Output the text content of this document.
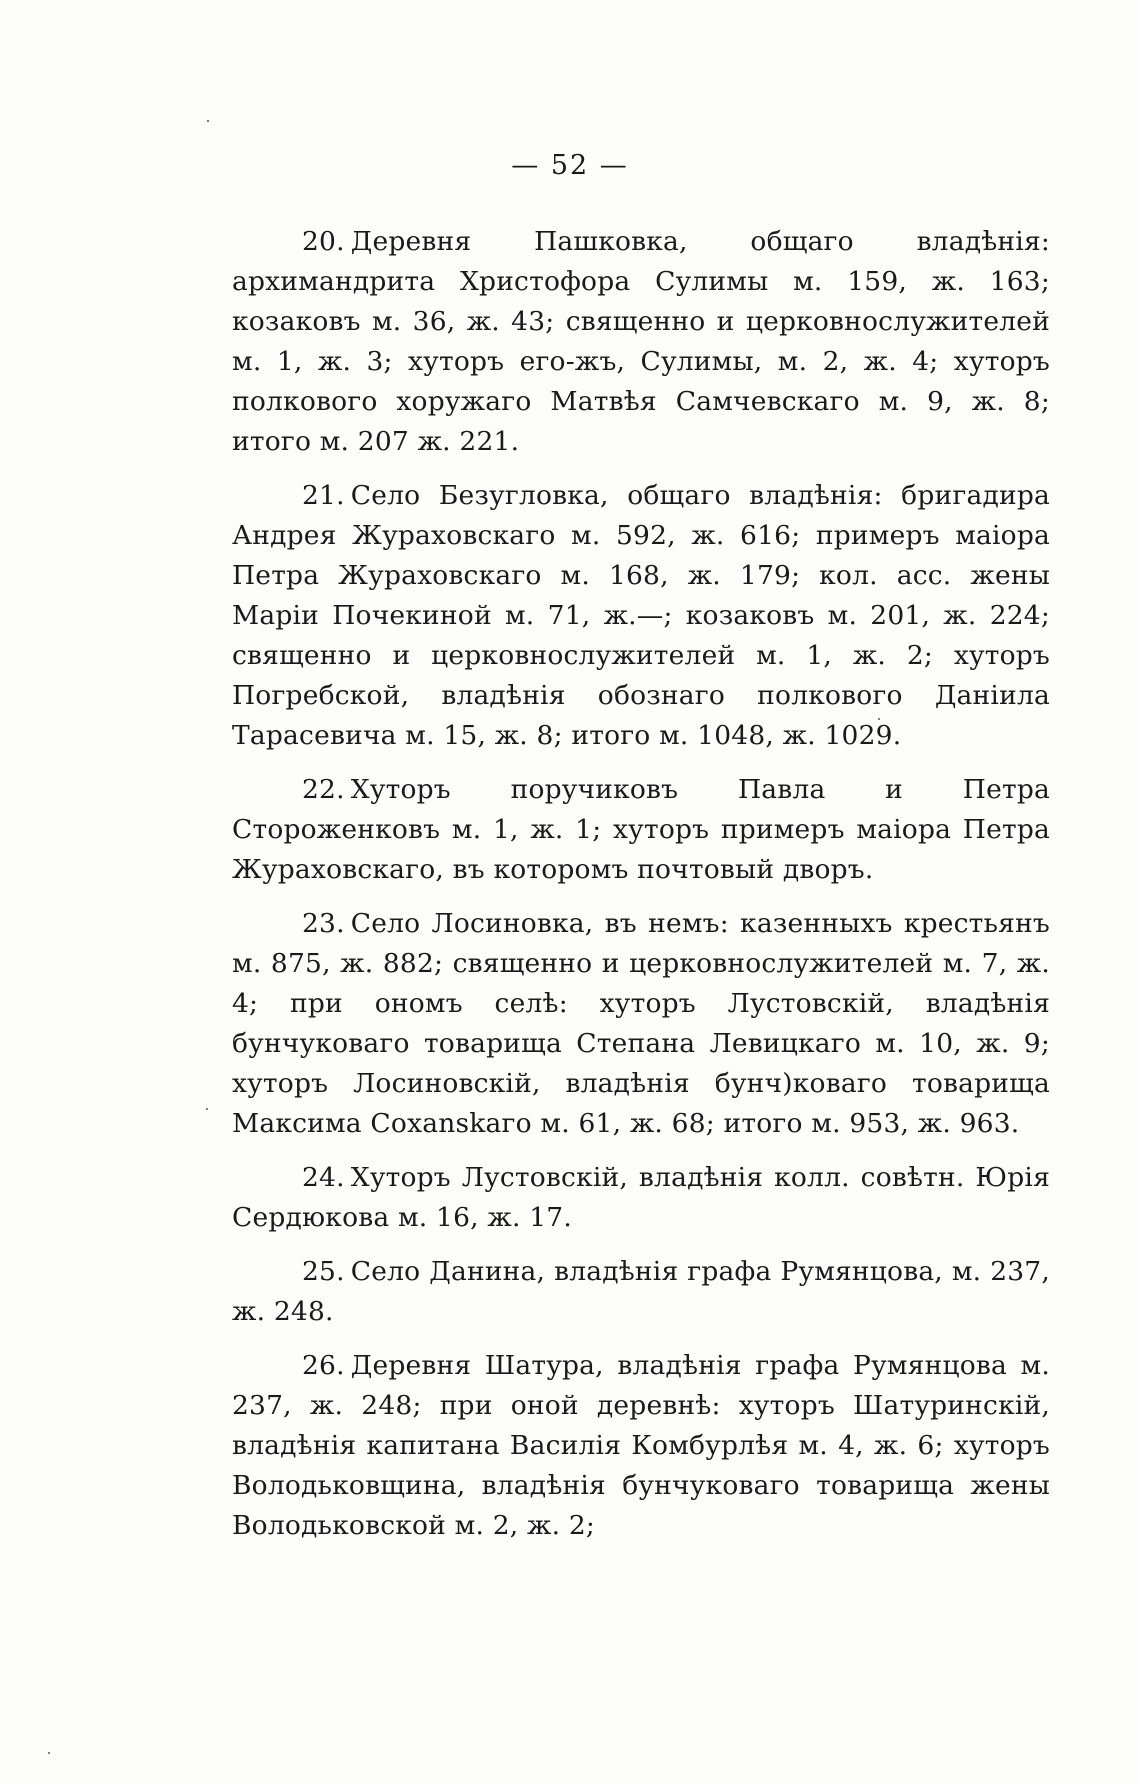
— 52 —

20. Деревня Пашковка, общаго владѣнія: архимандрита Христофора Сулимы м. 159, ж. 163; козаковъ м. 36, ж. 43; священно и церковнослужителей м. 1, ж. 3; хуторъ его-жъ, Сулимы, м. 2, ж. 4; хуторъ полкового хоружаго Матвѣя Самчевскаго м. 9, ж. 8; итого м. 207 ж. 221.

21. Село Безугловка, общаго владѣнія: бригадира Андрея Жураховскаго м. 592, ж. 616; примеръ маіора Петра Жураховскаго м. 168, ж. 179; кол. асс. жены Маріи Почекиной м. 71, ж.—; козаковъ м. 201, ж. 224; священно и церковнослужителей м. 1, ж. 2; хуторъ Погребской, владѣнія обознаго полкового Даніила Тарасевича м. 15, ж. 8; итого м. 1048, ж. 1029.

22. Хуторъ поручиковъ Павла и Петра Стороженковъ м. 1, ж. 1; хуторъ примеръ маіора Петра Жураховскаго, въ которомъ почтовый дворъ.

23. Село Лосиновка, въ немъ: казенныхъ крестьянъ м. 875, ж. 882; священно и церковнослужителей м. 7, ж. 4; при ономъ селѣ: хуторъ Лустовскій, владѣнія бунчуковаго товарища Степана Левицкаго м. 10, ж. 9; хуторъ Лосиновскій, владѣнія бунч)коваго товарища Максима Сохanskаго м. 61, ж. 68; итого м. 953, ж. 963.

24. Хуторъ Лустовскій, владѣнія колл. совѣтн. Юрія Сердюкова м. 16, ж. 17.

25. Село Данина, владѣнія графа Румянцова, м. 237, ж. 248.

26. Деревня Шатура, владѣнія графа Румянцова м. 237, ж. 248; при оной деревнѣ: хуторъ Шатуринскій, владѣнія капитана Василія Комбурлѣя м. 4, ж. 6; хуторъ Володьковщина, владѣнія бунчуковаго товарища жены Володьковской м. 2, ж. 2;
